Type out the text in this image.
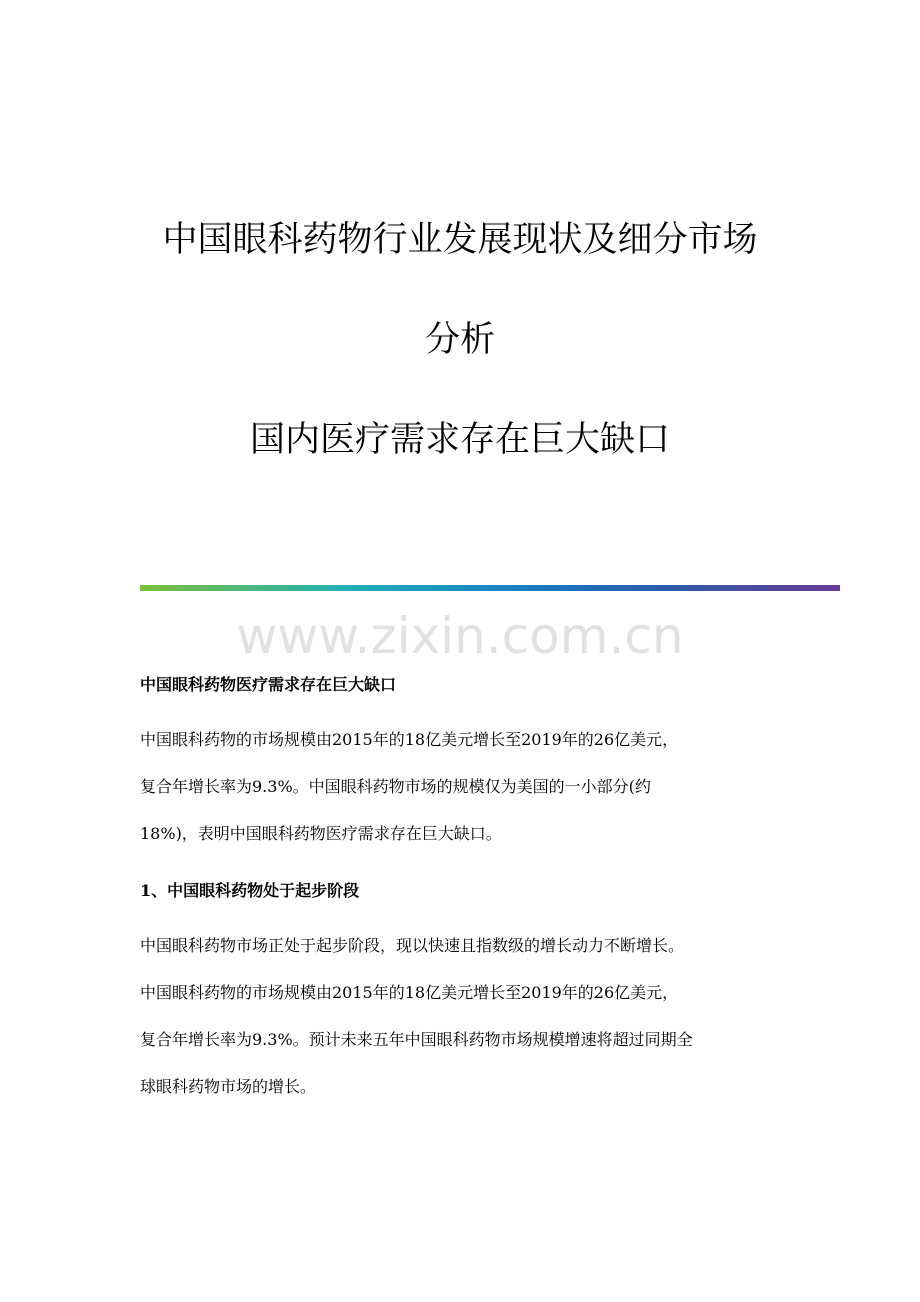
中国眼科药物行业发展现状及细分市场
分析
国内医疗需求存在巨大缺口
www.zixin.com.cn
中国眼科药物医疗需求存在巨大缺口
中国眼科药物的市场规模由2015年的18亿美元增长至2019年的26亿美元，
复合年增长率为9.3%。中国眼科药物市场的规模仅为美国的一小部分(约
18%)，表明中国眼科药物医疗需求存在巨大缺口。
1、中国眼科药物处于起步阶段
中国眼科药物市场正处于起步阶段，现以快速且指数级的增长动力不断增长。
中国眼科药物的市场规模由2015年的18亿美元增长至2019年的26亿美元，
复合年增长率为9.3%。预计未来五年中国眼科药物市场规模增速将超过同期全
球眼科药物市场的增长。
